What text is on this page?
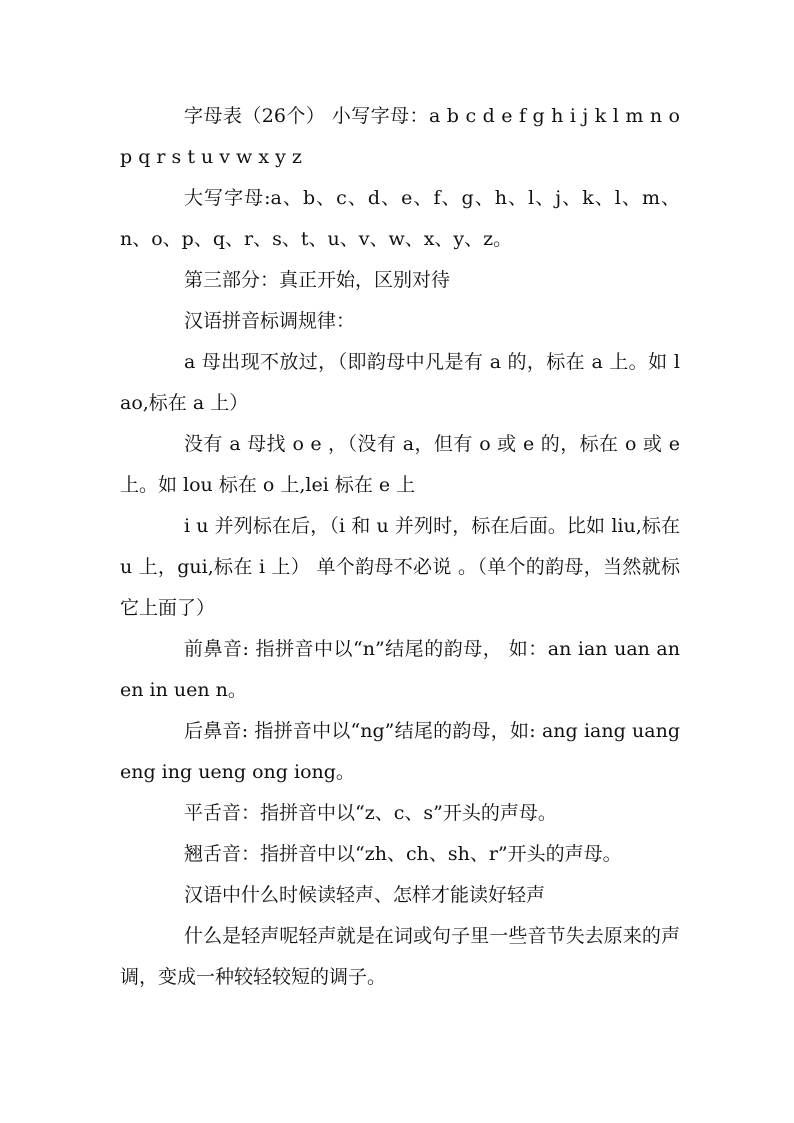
字母表（26个） 小写字母：a b c d e f g h i j k l m n o p q r s t u v w x y z

大写字母:a、b、c、d、e、f、g、h、l、j、k、l、m、n、o、p、q、r、s、t、u、v、w、x、y、z。

第三部分：真正开始，区别对待

汉语拼音标调规律：

a 母出现不放过，（即韵母中凡是有 a 的，标在 a 上。如 lao,标在 a 上）

没有 a 母找 o e ，（没有 a，但有 o 或 e 的，标在 o 或 e 上。如 lou 标在 o 上,lei 标在 e 上

i u 并列标在后，（i 和 u 并列时，标在后面。比如 liu,标在 u 上，gui,标在 i 上） 单个韵母不必说 。（单个的韵母，当然就标它上面了）

前鼻音: 指拼音中以“n”结尾的韵母， 如：an ian uan an en in uen n。

后鼻音: 指拼音中以“ng”结尾的韵母，如: ang iang uang eng ing ueng ong iong。

平舌音：指拼音中以“z、c、s”开头的声母。

翘舌音：指拼音中以“zh、ch、sh、r”开头的声母。

汉语中什么时候读轻声、怎样才能读好轻声

什么是轻声呢轻声就是在词或句子里一些音节失去原来的声调，变成一种较轻较短的调子。
